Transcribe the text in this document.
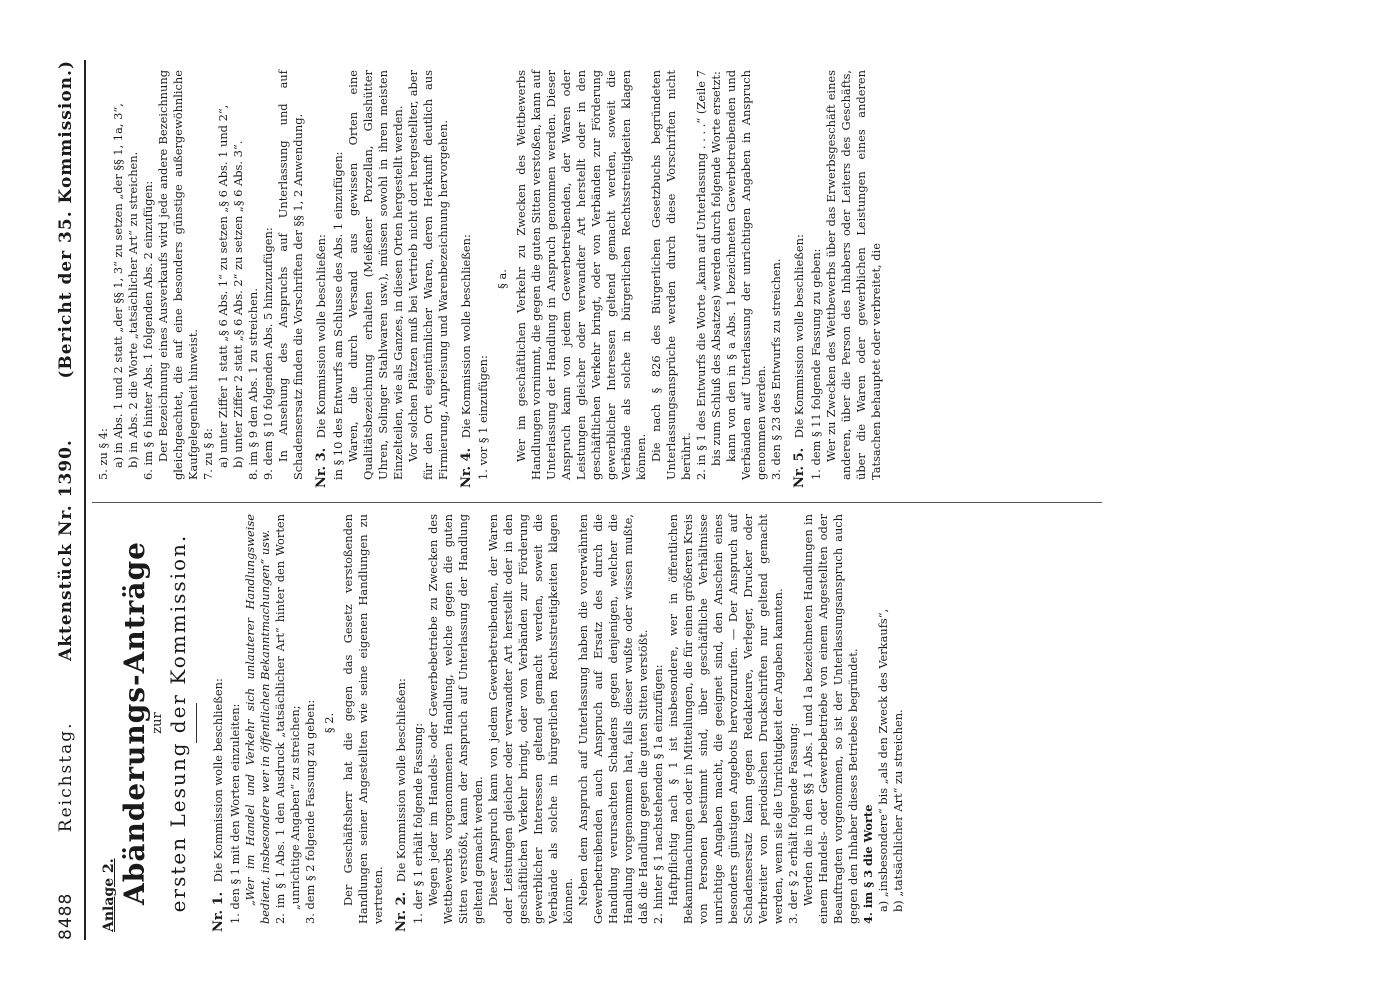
8488
Reichstag.
Aktenstück Nr. 1390.
(Bericht der 35. Kommission.)
Anlage 2. Abänderungs-Anträge zur ersten Lesung der Kommission. Nr. 1. Die Kommission wolle beschließen: 1. den § 1 mit den Worten einzuleiten: „Wer im Handel und Verkehr sich unlauterer Handlungsweise bedient, insbesondere wer in öffentlichen Bekanntmachungen“ usw. 2. im § 1 Abs. 1 den Ausdruck „tatsächlicher Art“ hinter den Worten „unrichtige Angaben“ zu streichen; 3. dem § 2 folgende Fassung zu geben: § 2. Der Geschäftsherr hat die gegen das Gesetz verstoßenden Handlungen seiner Angestellten wie seine eigenen Handlungen zu vertreten. Nr. 2. Die Kommission wolle beschließen: 1. der § 1 erhält folgende Fassung: Wegen jeder im Handels- oder Gewerbebetriebe zu Zwecken des Wettbewerbs vorgenommenen Handlung, welche gegen die guten Sitten verstößt, kann der Anspruch auf Unterlassung der Handlung geltend gemacht werden. Dieser Anspruch kann von jedem Gewerbetreibenden, der Waren oder Leistungen gleicher oder verwandter Art herstellt oder in den geschäftlichen Verkehr bringt, oder von Verbänden zur Förderung gewerblicher Interessen geltend gemacht werden, soweit die Verbände als solche in bürgerlichen Rechtsstreitigkeiten klagen können. Neben dem Anspruch auf Unterlassung haben die vorerwähnten Gewerbetreibenden auch Anspruch auf Ersatz des durch die Handlung verursachten Schadens gegen denjenigen, welcher die Handlung vorgenommen hat, falls dieser wußte oder wissen mußte, daß die Handlung gegen die guten Sitten verstößt. 2. hinter § 1 nachstehenden § 1a einzufügen: Haftpflichtig nach § 1 ist insbesondere, wer in öffentlichen Bekanntmachungen oder in Mitteilungen, die für einen größeren Kreis von Personen bestimmt sind, über geschäftliche Verhältnisse unrichtige Angaben macht, die geeignet sind, den Anschein eines besonders günstigen Angebots hervorzurufen. — Der Anspruch auf Schadensersatz kann gegen Redakteure, Verleger, Drucker oder Verbreiter von periodischen Druckschriften nur geltend gemacht werden, wenn sie die Unrichtigkeit der Angaben kannten. 3. der § 2 erhält folgende Fassung: Werden die in den §§ 1 Abs. 1 und 1a bezeichneten Handlungen in einem Handels- oder Gewerbebetriebe von einem Angestellten oder Beauftragten vorgenommen, so ist der Unterlassungsanspruch auch gegen den Inhaber dieses Betriebes begründet. 4. im § 3 die Worte a) „insbesondere“ bis „als den Zweck des Verkaufs“, b) „tatsächlicher Art“ zu streichen.

5. zu § 4: a) in Abs. 1 und 2 statt „der §§ 1, 3“ zu setzen „der §§ 1, 1a, 3“, b) in Abs. 2 die Worte „tatsächlicher Art“ zu streichen. 6. im § 6 hinter Abs. 1 folgenden Abs. 2 einzufügen: Der Bezeichnung eines Ausverkaufs wird jede andere Bezeichnung gleichgeachtet, die auf eine besonders günstige außergewöhnliche Kaufgelegenheit hinweist. 7. zu § 8: a) unter Ziffer 1 statt „§ 6 Abs. 1“ zu setzen „§ 6 Abs. 1 und 2“, b) unter Ziffer 2 statt „§ 6 Abs. 2“ zu setzen „§ 6 Abs. 3“. 8. im § 9 den Abs. 1 zu streichen. 9. dem § 10 folgenden Abs. 5 hinzuzufügen: In Ansehung des Anspruchs auf Unterlassung und auf Schadensersatz finden die Vorschriften der §§ 1, 2 Anwendung. Nr. 3. Die Kommission wolle beschließen: in § 10 des Entwurfs am Schlusse des Abs. 1 einzufügen: Waren, die durch Versand aus gewissen Orten eine Qualitätsbezeichnung erhalten (Meißener Porzellan, Glashütter Uhren, Solinger Stahlwaren usw.), müssen sowohl in ihren meisten Einzelteilen, wie als Ganzes, in diesen Orten hergestellt werden. Vor solchen Plätzen muß bei Vertrieb nicht dort hergestellter, aber für den Ort eigentümlicher Waren, deren Herkunft deutlich aus Firmierung, Anpreisung und Warenbezeichnung hervorgehen. Nr. 4. Die Kommission wolle beschließen: 1. vor § 1 einzufügen:

§ a. Wer im geschäftlichen Verkehr zu Zwecken des Wettbewerbs Handlungen vornimmt, die gegen die guten Sitten verstoßen, kann auf Unterlassung der Handlung in Anspruch genommen werden. Dieser Anspruch kann von jedem Gewerbetreibenden, der Waren oder Leistungen gleicher oder verwandter Art herstellt oder in den geschäftlichen Verkehr bringt, oder von Verbänden zur Förderung gewerblicher Interessen geltend gemacht werden, soweit die Verbände als solche in bürgerlichen Rechtsstreitigkeiten klagen können. Die nach § 826 des Bürgerlichen Gesetzbuchs begründeten Unterlassungsansprüche werden durch diese Vorschriften nicht berührt. 2. in § 1 des Entwurfs die Worte „kann auf Unterlassung . . . .“ (Zeile 7 bis zum Schluß des Absatzes) werden durch folgende Worte ersetzt: kann von den in § a Abs. 1 bezeichneten Gewerbetreibenden und Verbänden auf Unterlassung der unrichtigen Angaben in Anspruch genommen werden. 3. den § 23 des Entwurfs zu streichen. Nr. 5. Die Kommission wolle beschließen: 1. dem § 11 folgende Fassung zu geben: Wer zu Zwecken des Wettbewerbs über das Erwerbsgeschäft eines anderen, über die Person des Inhabers oder Leiters des Geschäfts, über die Waren oder gewerblichen Leistungen eines anderen Tatsachen behauptet oder verbreitet, die
